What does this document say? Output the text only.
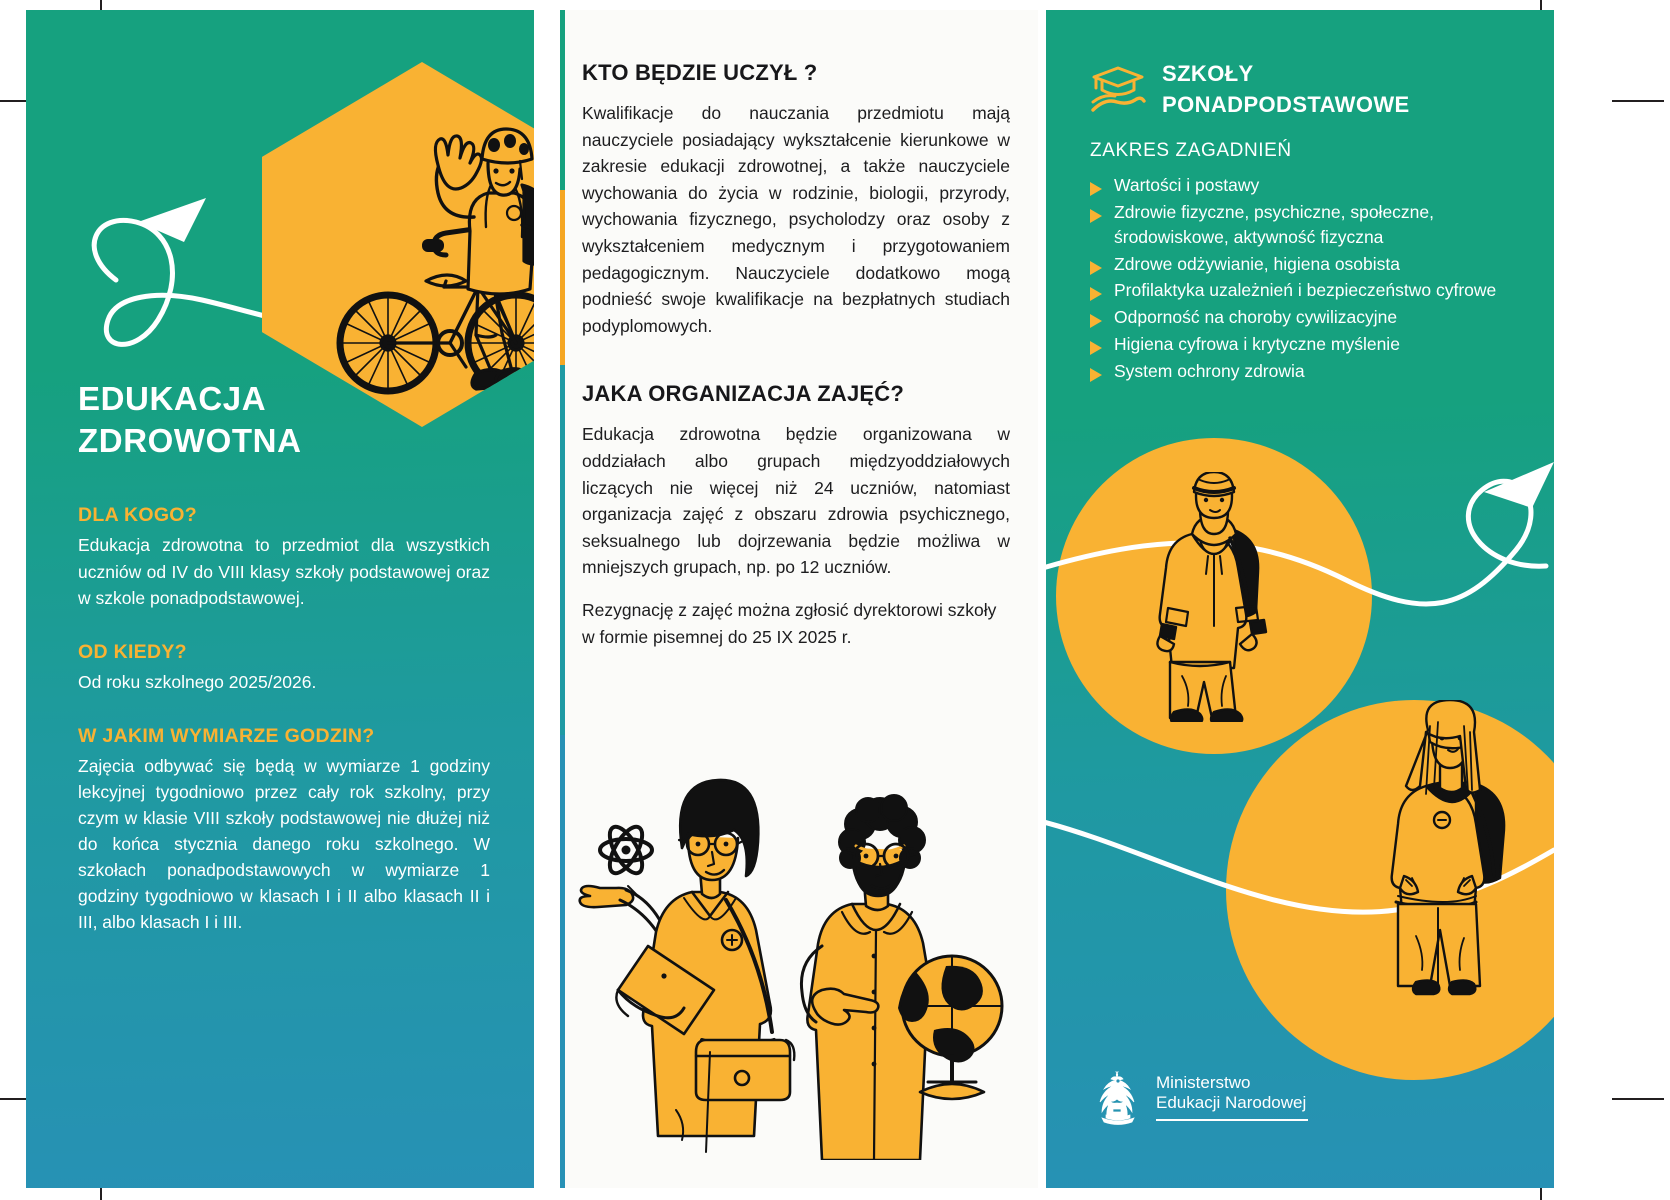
EDUKACJA ZDROWOTNA
DLA KOGO?
Edukacja zdrowotna to przedmiot dla wszystkich uczniów od IV do VIII klasy szkoły podstawowej oraz w szkole ponadpodstawowej.
OD KIEDY?
Od roku szkolnego 2025/2026.
W JAKIM WYMIARZE GODZIN?
Zajęcia odbywać się będą w wymiarze 1 godziny lekcyjnej tygodniowo przez cały rok szkolny, przy czym w klasie VIII szkoły podstawowej nie dłużej niż do końca stycznia danego roku szkolnego. W szkołach ponadpodstawowych w wymiarze 1 godziny tygodniowo w klasach I i II albo klasach II i III, albo klasach I i III.
KTO BĘDZIE UCZYŁ ?
Kwalifikacje do nauczania przedmiotu mają nauczyciele posiadający wykształcenie kierunkowe w zakresie edukacji zdrowotnej, a także nauczyciele wychowania do życia w rodzinie, biologii, przyrody, wychowania fizycznego, psycholodzy oraz osoby z wykształceniem medycznym i przygotowaniem pedagogicznym. Nauczyciele dodatkowo mogą podnieść swoje kwalifikacje na bezpłatnych studiach podyplomowych.
JAKA ORGANIZACJA ZAJĘĆ?
Edukacja zdrowotna będzie organizowana w oddziałach albo grupach międzyoddziałowych liczących nie więcej niż 24 uczniów, natomiast organizacja zajęć z obszaru zdrowia psychicznego, seksualnego lub dojrzewania będzie możliwa w mniejszych grupach, np. po 12 uczniów.
Rezygnację z zajęć można zgłosić dyrektorowi szkoły w formie pisemnej do 25 IX 2025 r.
SZKOŁY
PONADPODSTAWOWE
ZAKRES ZAGADNIEŃ
Wartości i postawy
Zdrowie fizyczne, psychiczne, społeczne, środowiskowe, aktywność fizyczna
Zdrowe odżywianie, higiena osobista
Profilaktyka uzależnień i bezpieczeństwo cyfrowe
Odporność na choroby cywilizacyjne
Higiena cyfrowa i krytyczne myślenie
System ochrony zdrowia
Ministerstwo
Edukacji Narodowej
